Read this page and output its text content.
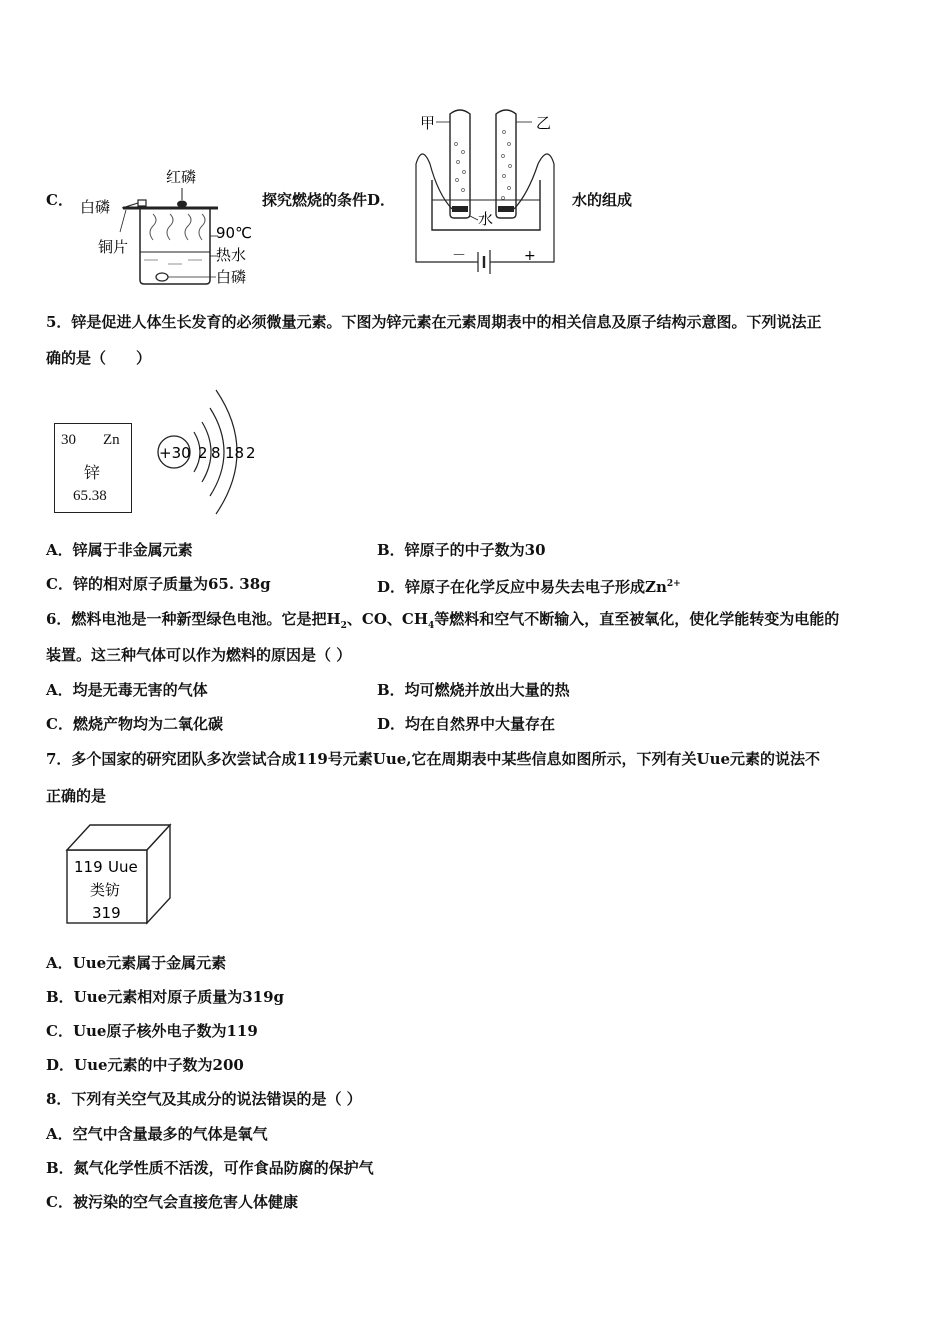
C．
红磷
白磷
铜片
90℃
热水
白磷
探究燃烧的条件D．
甲	乙
水
－	+
水的组成
5．锌是促进人体生长发育的必须微量元素。下图为锌元素在元素周期表中的相关信息及原子结构示意图。下列说法正
确的是（　　）
30 Zn
锌
65.38
+30 2 8 18 2
A．锌属于非金属元素	B．锌原子的中子数为30
C．锌的相对原子质量为65. 38g	D．锌原子在化学反应中易失去电子形成$Zn^{2+}$
6．燃料电池是一种新型绿色电池。它是把$H_2$、CO、$CH_4$等燃料和空气不断输入，直至被氧化，使化学能转变为电能的
装置。这三种气体可以作为燃料的原因是（ ）
A．均是无毒无害的气体	B．均可燃烧并放出大量的热
C．燃烧产物均为二氧化碳	D．均在自然界中大量存在
7．多个国家的研究团队多次尝试合成119号元素Uue,它在周期表中某些信息如图所示，下列有关Uue元素的说法不
正确的是
119 Uue
类钫
319
A．Uue元素属于金属元素
B．Uue元素相对原子质量为319g
C．Uue原子核外电子数为119
D．Uue元素的中子数为200
8．下列有关空气及其成分的说法错误的是（ ）
A．空气中含量最多的气体是氧气
B．氮气化学性质不活泼，可作食品防腐的保护气
C．被污染的空气会直接危害人体健康
